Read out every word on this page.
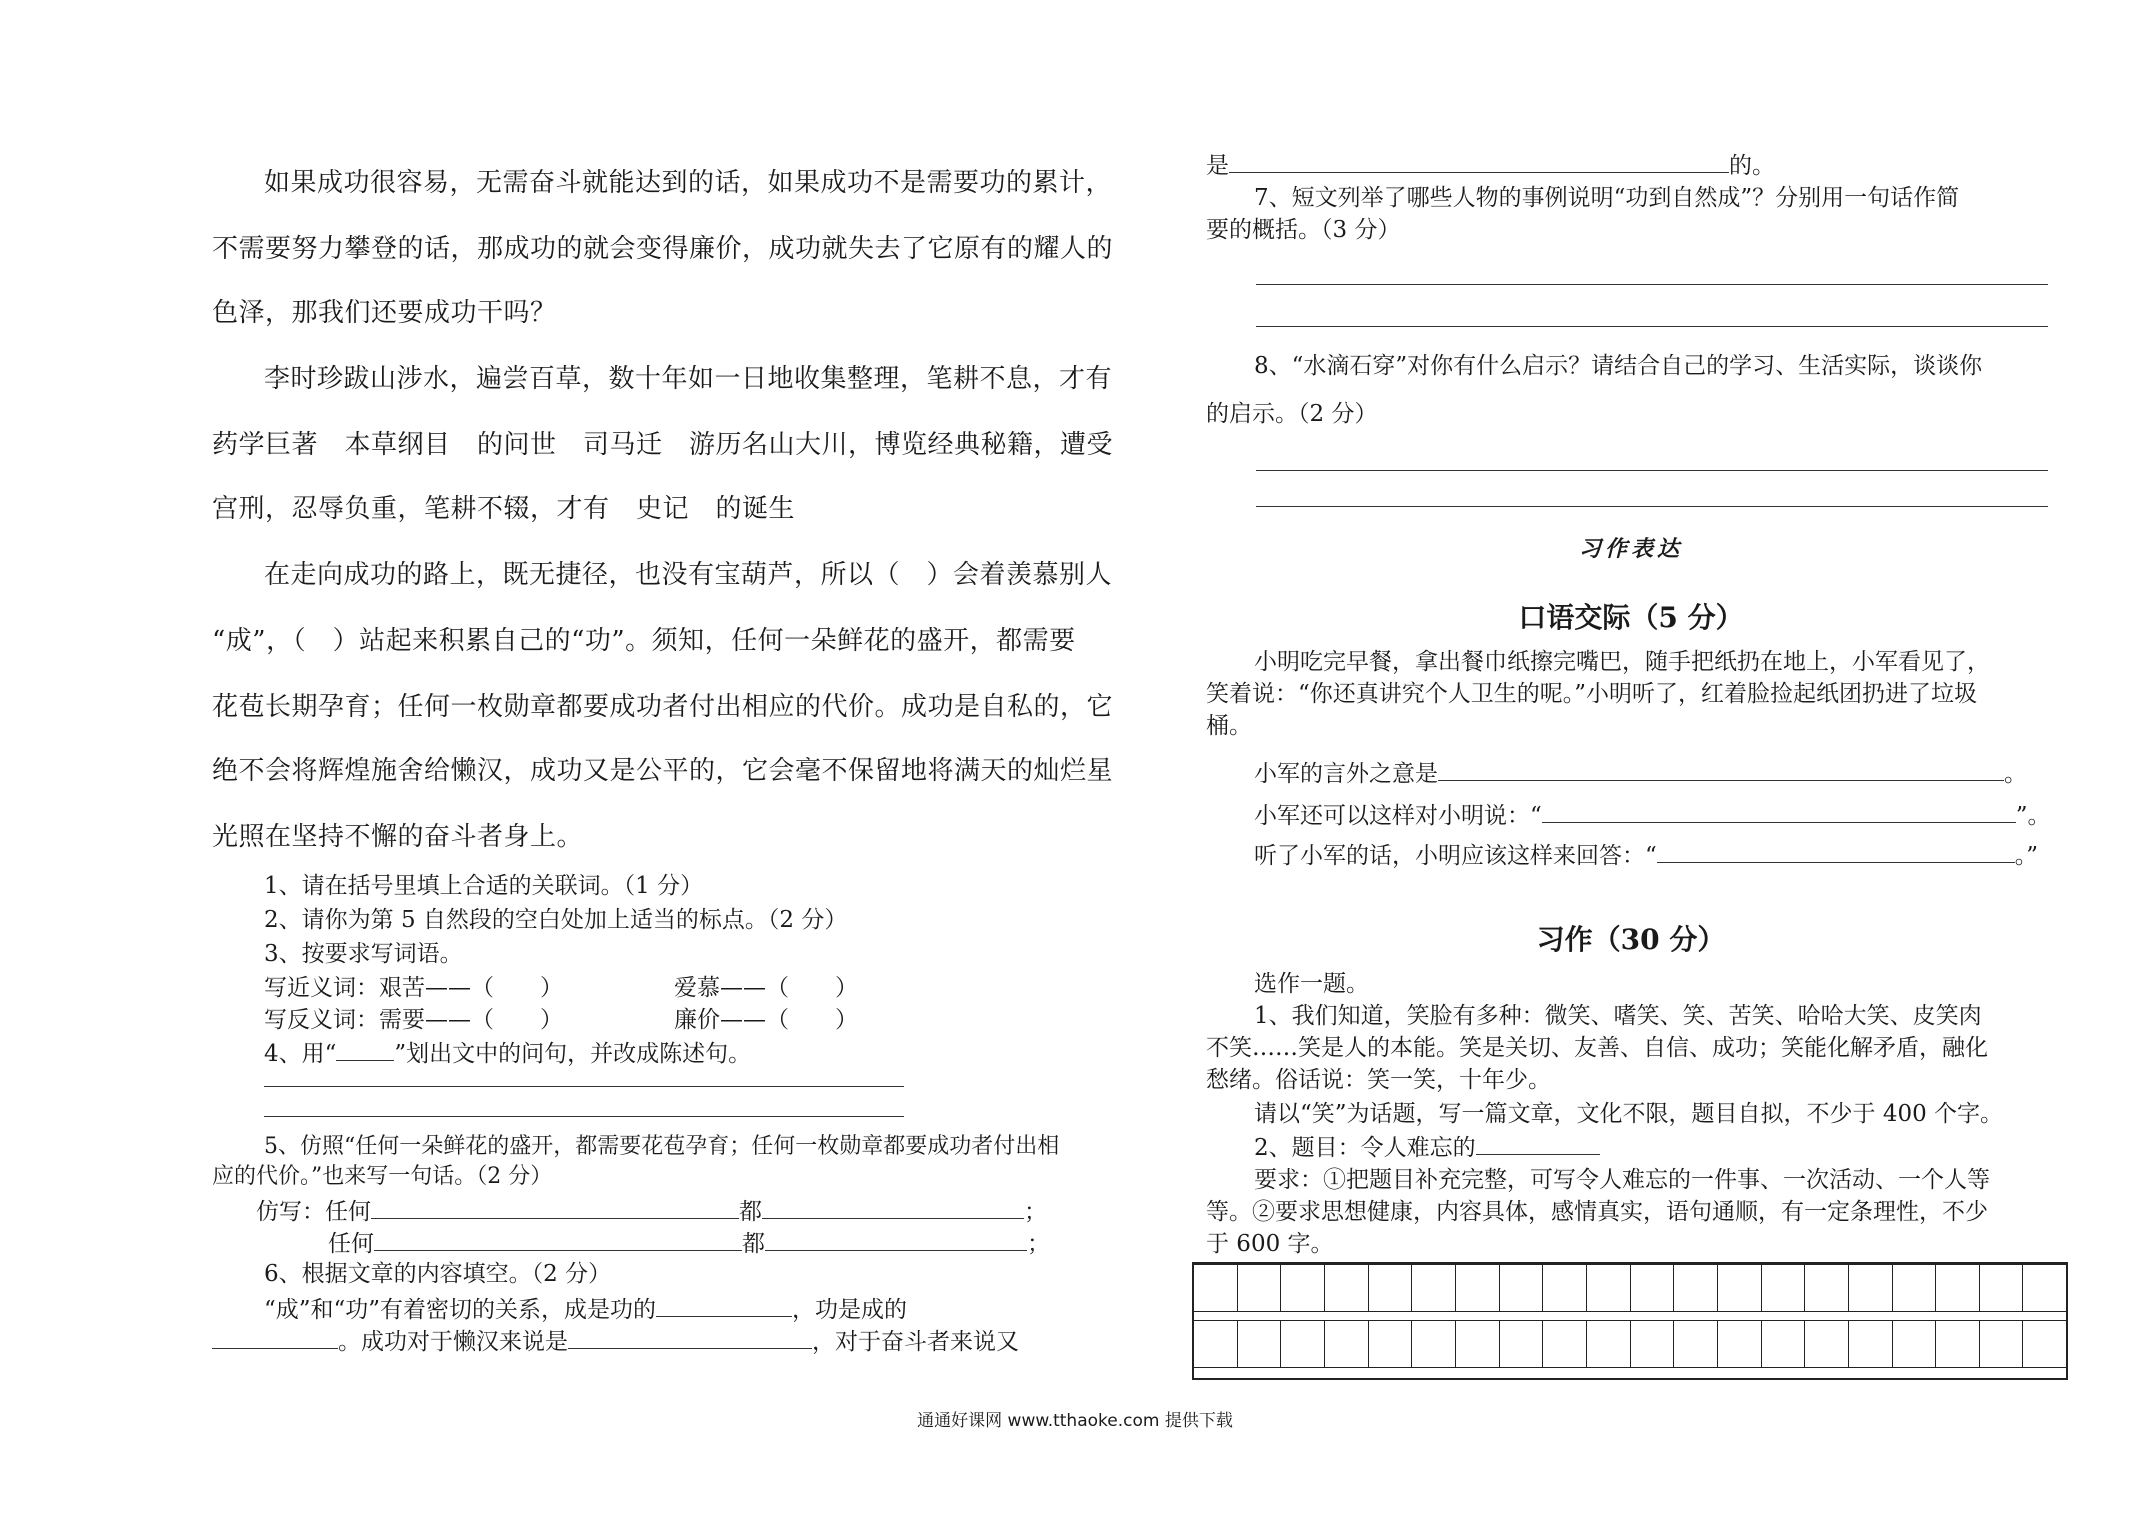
如果成功很容易，无需奋斗就能达到的话，如果成功不是需要功的累计，
不需要努力攀登的话，那成功的就会变得廉价，成功就失去了它原有的耀人的
色泽，那我们还要成功干吗？
李时珍跋山涉水，遍尝百草，数十年如一日地收集整理，笔耕不息，才有
药学巨著　本草纲目　的问世　司马迁　游历名山大川，博览经典秘籍，遭受
宫刑，忍辱负重，笔耕不辍，才有　史记　的诞生
在走向成功的路上，既无捷径，也没有宝葫芦，所以（　）会着羡慕别人
“成”，（　）站起来积累自己的“功”。须知，任何一朵鲜花的盛开，都需要
花苞长期孕育；任何一枚勋章都要成功者付出相应的代价。成功是自私的，它
绝不会将辉煌施舍给懒汉，成功又是公平的，它会毫不保留地将满天的灿烂星
光照在坚持不懈的奋斗者身上。
1、请在括号里填上合适的关联词。（1 分）
2、请你为第 5 自然段的空白处加上适当的标点。（2 分）
3、按要求写词语。
写近义词：艰苦——（　　）	爱慕——（　　）
写反义词：需要——（　　）	廉价——（　　）
4、用“	”划出文中的问句，并改成陈述句。
5、仿照“任何一朵鲜花的盛开，都需要花苞孕育；任何一枚勋章都要成功者付出相
应的代价。”也来写一句话。（2 分）
仿写：任何	都	；
任何	都	；
6、根据文章的内容填空。（2 分）
“成”和“功”有着密切的关系，成是功的	，功是成的
。成功对于懒汉来说是	，对于奋斗者来说又
是	的。
7、短文列举了哪些人物的事例说明“功到自然成”？分别用一句话作简
要的概括。（3 分）
8、“水滴石穿”对你有什么启示？请结合自己的学习、生活实际，谈谈你
的启示。（2 分）
习作表达
口语交际（5 分）
小明吃完早餐，拿出餐巾纸擦完嘴巴，随手把纸扔在地上，小军看见了，
笑着说：“你还真讲究个人卫生的呢。”小明听了，红着脸捡起纸团扔进了垃圾
桶。
小军的言外之意是	。
小军还可以这样对小明说：“	”。
听了小军的话，小明应该这样来回答：“	。”
习作（30 分）
选作一题。
1、我们知道，笑脸有多种：微笑、嗜笑、笑、苦笑、哈哈大笑、皮笑肉
不笑……笑是人的本能。笑是关切、友善、自信、成功；笑能化解矛盾，融化
愁绪。俗话说：笑一笑，十年少。
请以“笑”为话题，写一篇文章，文化不限，题目自拟，不少于 400 个字。
2、题目：令人难忘的
要求：①把题目补充完整，可写令人难忘的一件事、一次活动、一个人等
等。②要求思想健康，内容具体，感情真实，语句通顺，有一定条理性，不少
于 600 字。
通通好课网 www.tthaoke.com 提供下载
